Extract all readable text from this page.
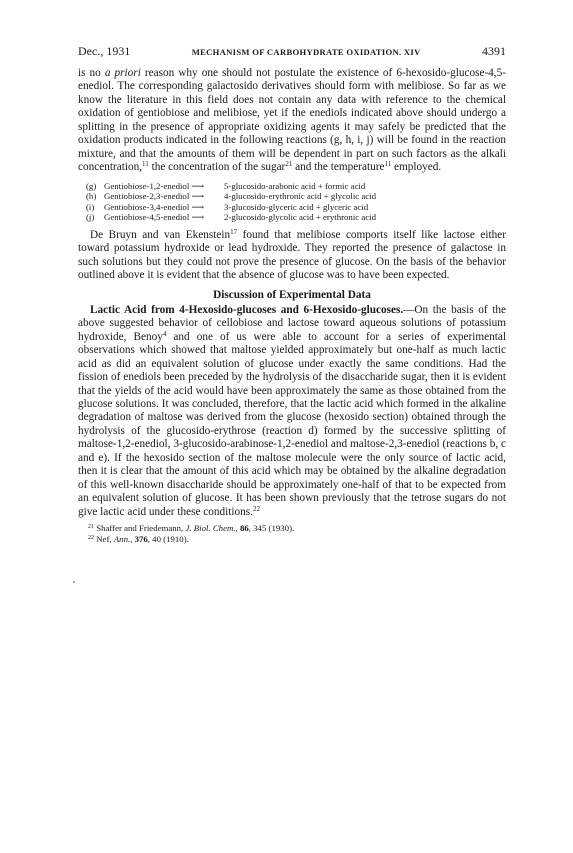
Dec., 1931	MECHANISM OF CARBOHYDRATE OXIDATION. XIV	4391

is no a priori reason why one should not postulate the existence of 6-hexosido-glucose-4,5-enediol. The corresponding galactosido derivatives should form with melibiose. So far as we know the literature in this field does not contain any data with reference to the chemical oxidation of gentiobiose and melibiose, yet if the enediols indicated above should undergo a splitting in the presence of appropriate oxidizing agents it may safely be predicted that the oxidation products indicated in the following reactions (g, h, i, j) will be found in the reaction mixture, and that the amounts of them will be dependent in part on such factors as the alkali concentration,$^{11}$ the concentration of the sugar$^{21}$ and the temperature$^{11}$ employed.

(g) Gentiobiose-1,2-enediol ⟶	5-glucosido-arabonic acid + formic acid
(h) Gentiobiose-2,3-enediol ⟶	4-glucosido-erythronic acid + glycolic acid
(i)	Gentiobiose-3,4-enediol ⟶	3-glucosido-glyceric acid + glyceric acid
(j)	Gentiobiose-4,5-enediol ⟶	2-glucosido-glycolic acid + erythronic acid

De Bruyn and van Ekenstein$^{17}$ found that melibiose comports itself like lactose either toward potassium hydroxide or lead hydroxide. They reported the presence of galactose in such solutions but they could not prove the presence of glucose. On the basis of the behavior outlined above it is evident that the absence of glucose was to have been expected.

Discussion of Experimental Data

Lactic Acid from 4-Hexosido-glucoses and 6-Hexosido-glucoses.—On the basis of the above suggested behavior of cellobiose and lactose toward aqueous solutions of potassium hydroxide, Benoy$^4$ and one of us were able to account for a series of experimental observations which showed that maltose yielded approximately but one-half as much lactic acid as did an equivalent solution of glucose under exactly the same conditions. Had the fission of enediols been preceded by the hydrolysis of the disaccharide sugar, then it is evident that the yields of the acid would have been approximately the same as those obtained from the glucose solutions. It was concluded, therefore, that the lactic acid which formed in the alkaline degradation of maltose was derived from the glucose (hexosido section) obtained through the hydrolysis of the glucosido-erythrose (reaction d) formed by the successive splitting of maltose-1,2-enediol, 3-glucosido-arabinose-1,2-enediol and maltose-2,3-enediol (reactions b, c and e). If the hexosido section of the maltose molecule were the only source of lactic acid, then it is clear that the amount of this acid which may be obtained by the alkaline degradation of this well-known disaccharide should be approximately one-half of that to be expected from an equivalent solution of glucose. It has been shown previously that the tetrose sugars do not give lactic acid under these conditions.$^{22}$

$^{21}$ Shaffer and Friedemann, J. Biol. Chem., 86, 345 (1930).
$^{22}$ Nef, Ann., 376, 40 (1910).
